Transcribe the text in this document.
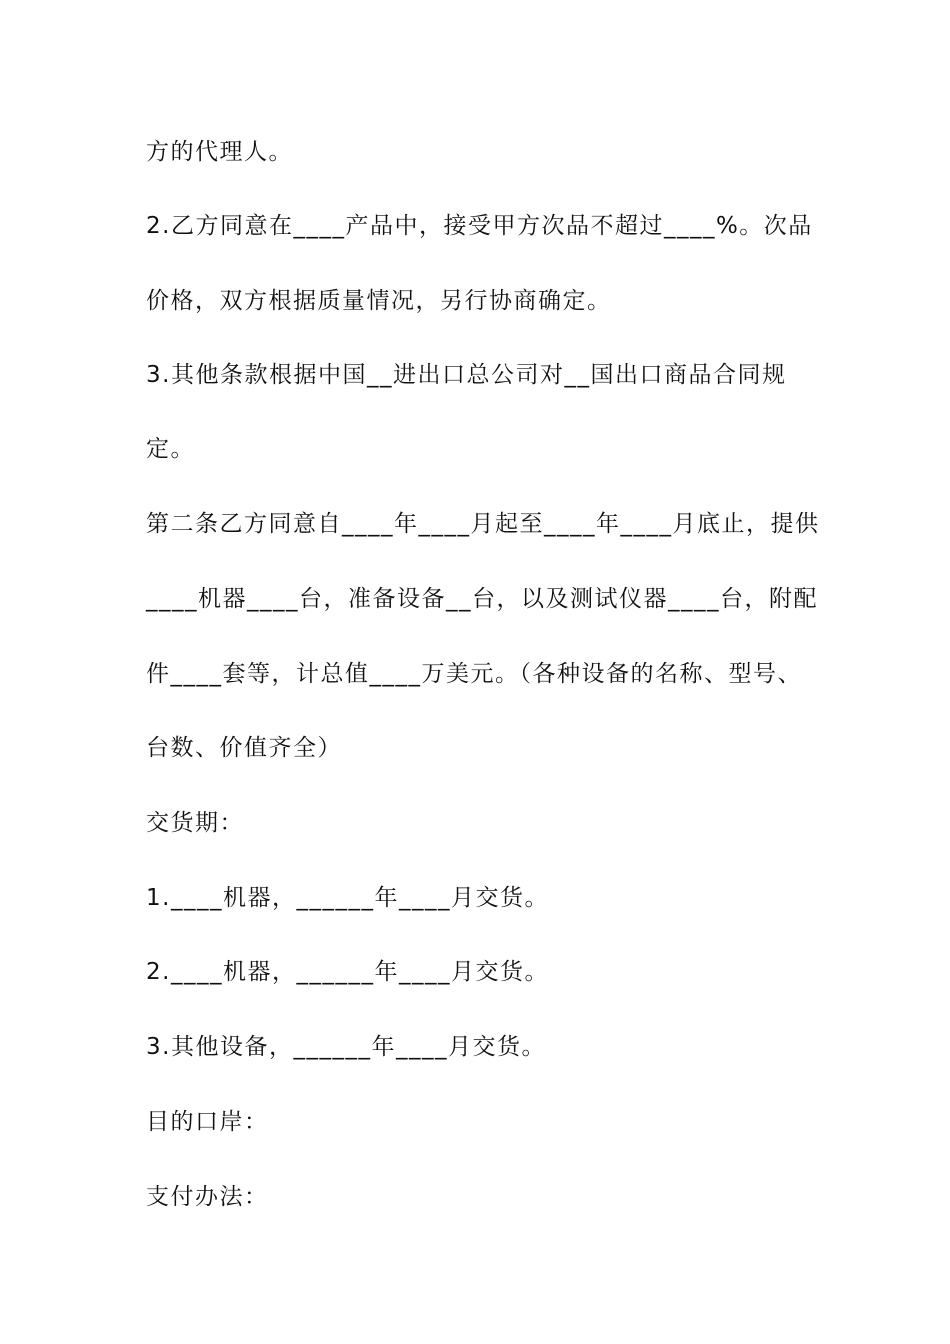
方的代理人。
2.乙方同意在____产品中，接受甲方次品不超过____%。次品
价格，双方根据质量情况，另行协商确定。
3.其他条款根据中国__进出口总公司对__国出口商品合同规
定。
第二条乙方同意自____年____月起至____年____月底止，提供
____机器____台，准备设备__台，以及测试仪器____台，附配
件____套等，计总值____万美元。（各种设备的名称、型号、
台数、价值齐全）
交货期：
1.____机器，______年____月交货。
2.____机器，______年____月交货。
3.其他设备，______年____月交货。
目的口岸：
支付办法：
